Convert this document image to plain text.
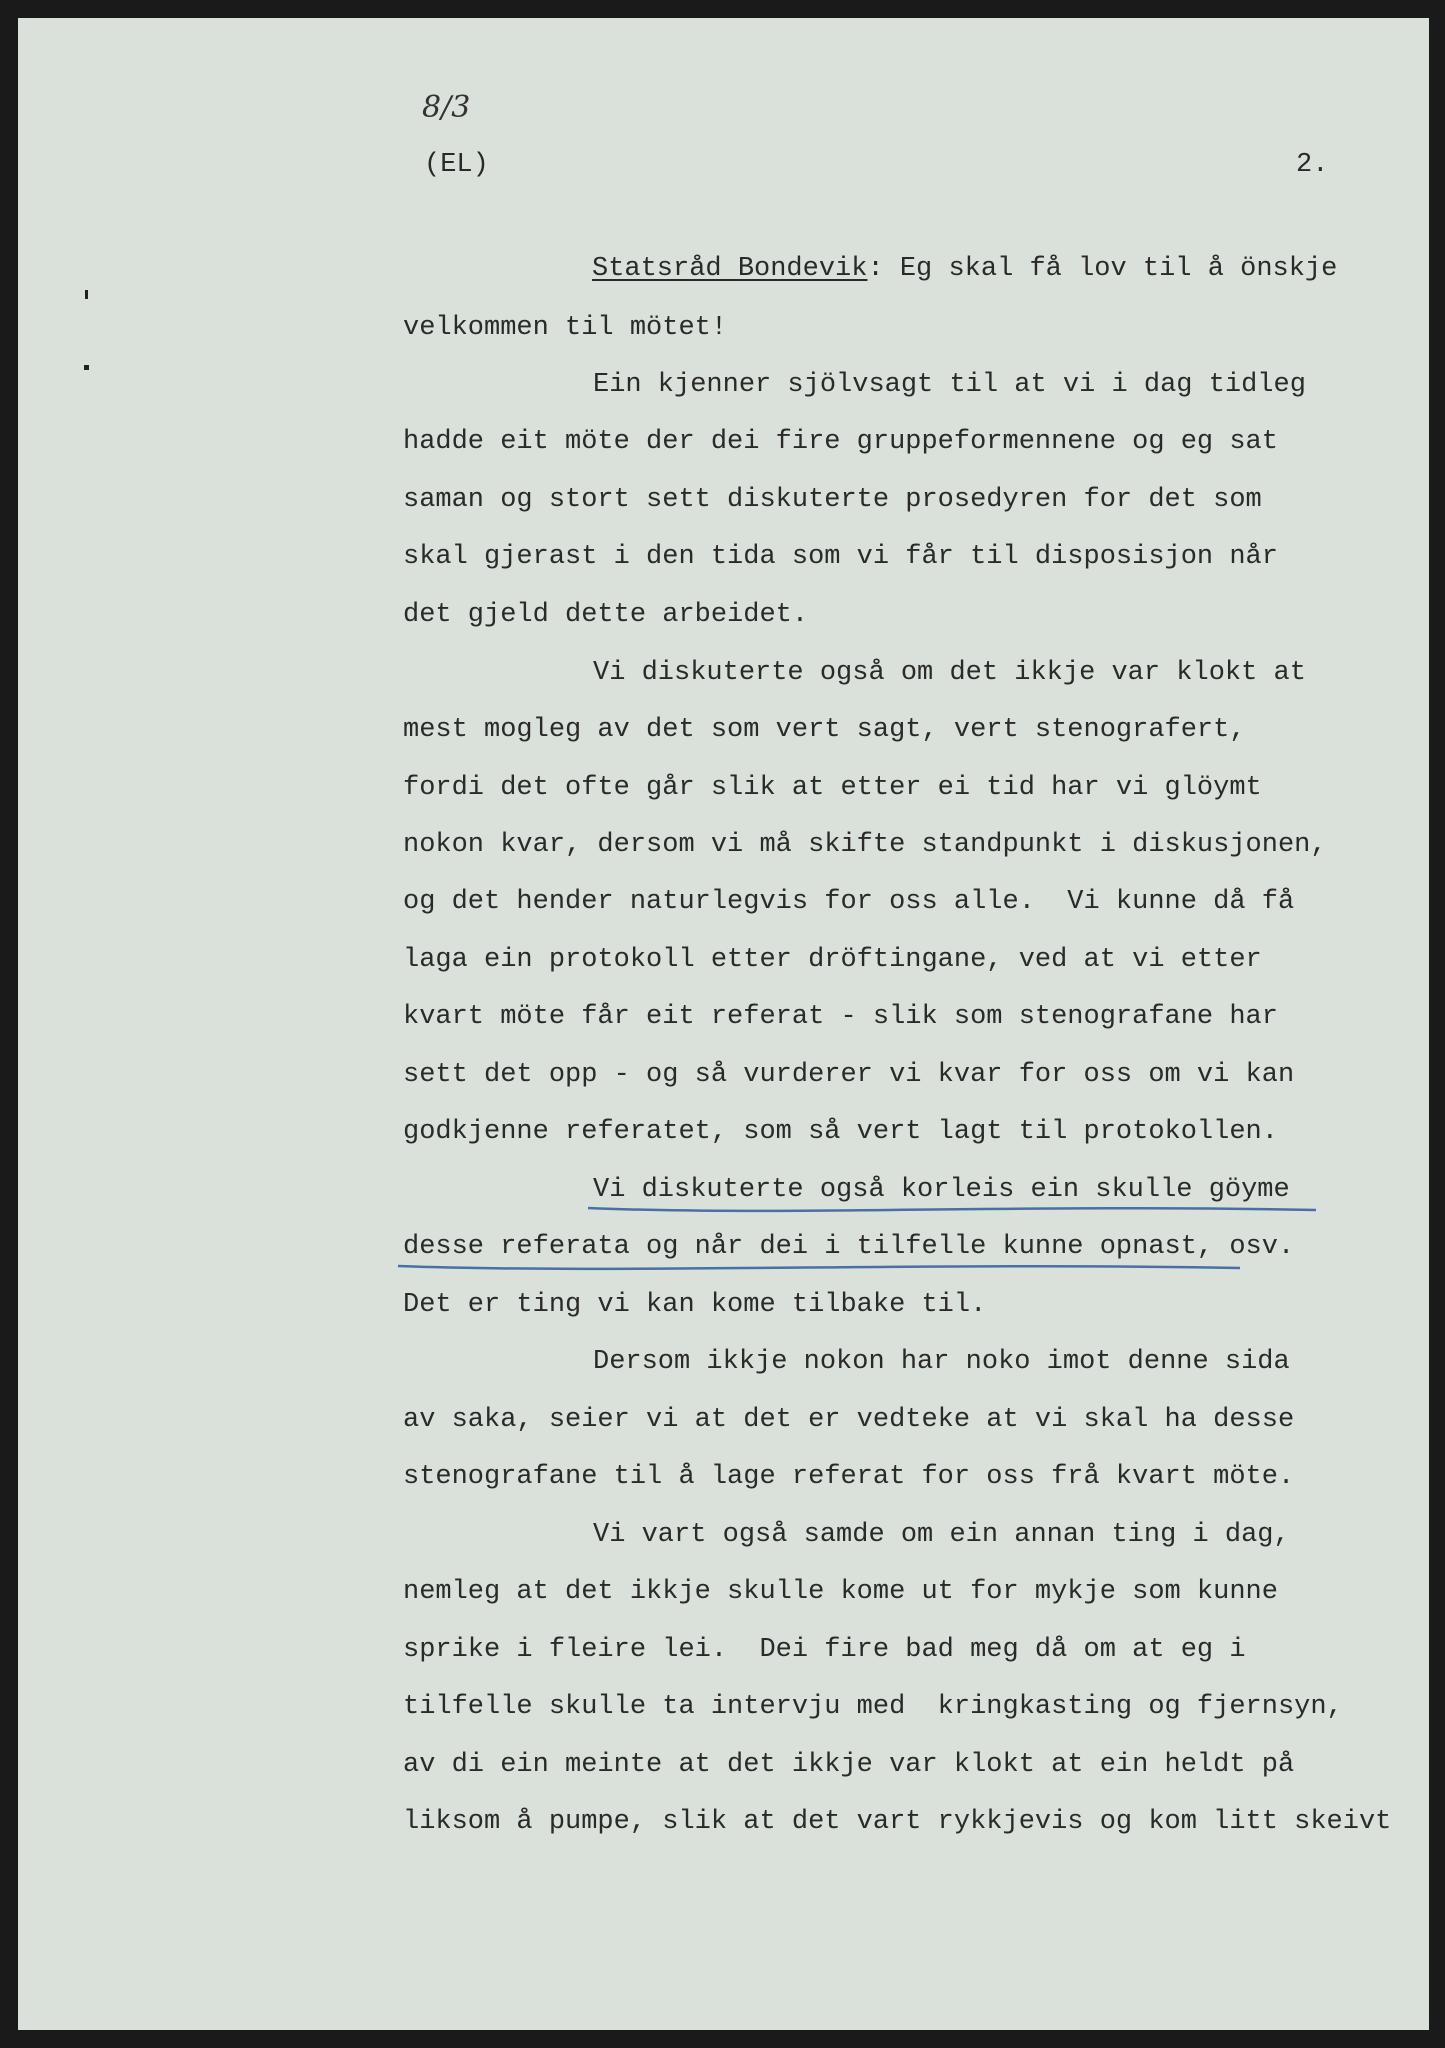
8/3
(EL)	2.

Statsråd Bondevik: Eg skal få lov til å önskje

velkommen til mötet!

Ein kjenner sjölvsagt til at vi i dag tidleg

hadde eit möte der dei fire gruppeformennene og eg sat

saman og stort sett diskuterte prosedyren for det som

skal gjerast i den tida som vi får til disposisjon når

det gjeld dette arbeidet.

Vi diskuterte også om det ikkje var klokt at

mest mogleg av det som vert sagt, vert stenografert,

fordi det ofte går slik at etter ei tid har vi glöymt

nokon kvar, dersom vi må skifte standpunkt i diskusjonen,

og det hender naturlegvis for oss alle.  Vi kunne då få

laga ein protokoll etter dröftingane, ved at vi etter

kvart möte får eit referat - slik som stenografane har

sett det opp - og så vurderer vi kvar for oss om vi kan

godkjenne referatet, som så vert lagt til protokollen.

Vi diskuterte også korleis ein skulle göyme

desse referata og når dei i tilfelle kunne opnast, osv.

Det er ting vi kan kome tilbake til.

Dersom ikkje nokon har noko imot denne sida

av saka, seier vi at det er vedteke at vi skal ha desse

stenografane til å lage referat for oss frå kvart möte.

Vi vart også samde om ein annan ting i dag,

nemleg at det ikkje skulle kome ut for mykje som kunne

sprike i fleire lei.  Dei fire bad meg då om at eg i

tilfelle skulle ta intervju med  kringkasting og fjernsyn,

av di ein meinte at det ikkje var klokt at ein heldt på

liksom å pumpe, slik at det vart rykkjevis og kom litt skeivt
